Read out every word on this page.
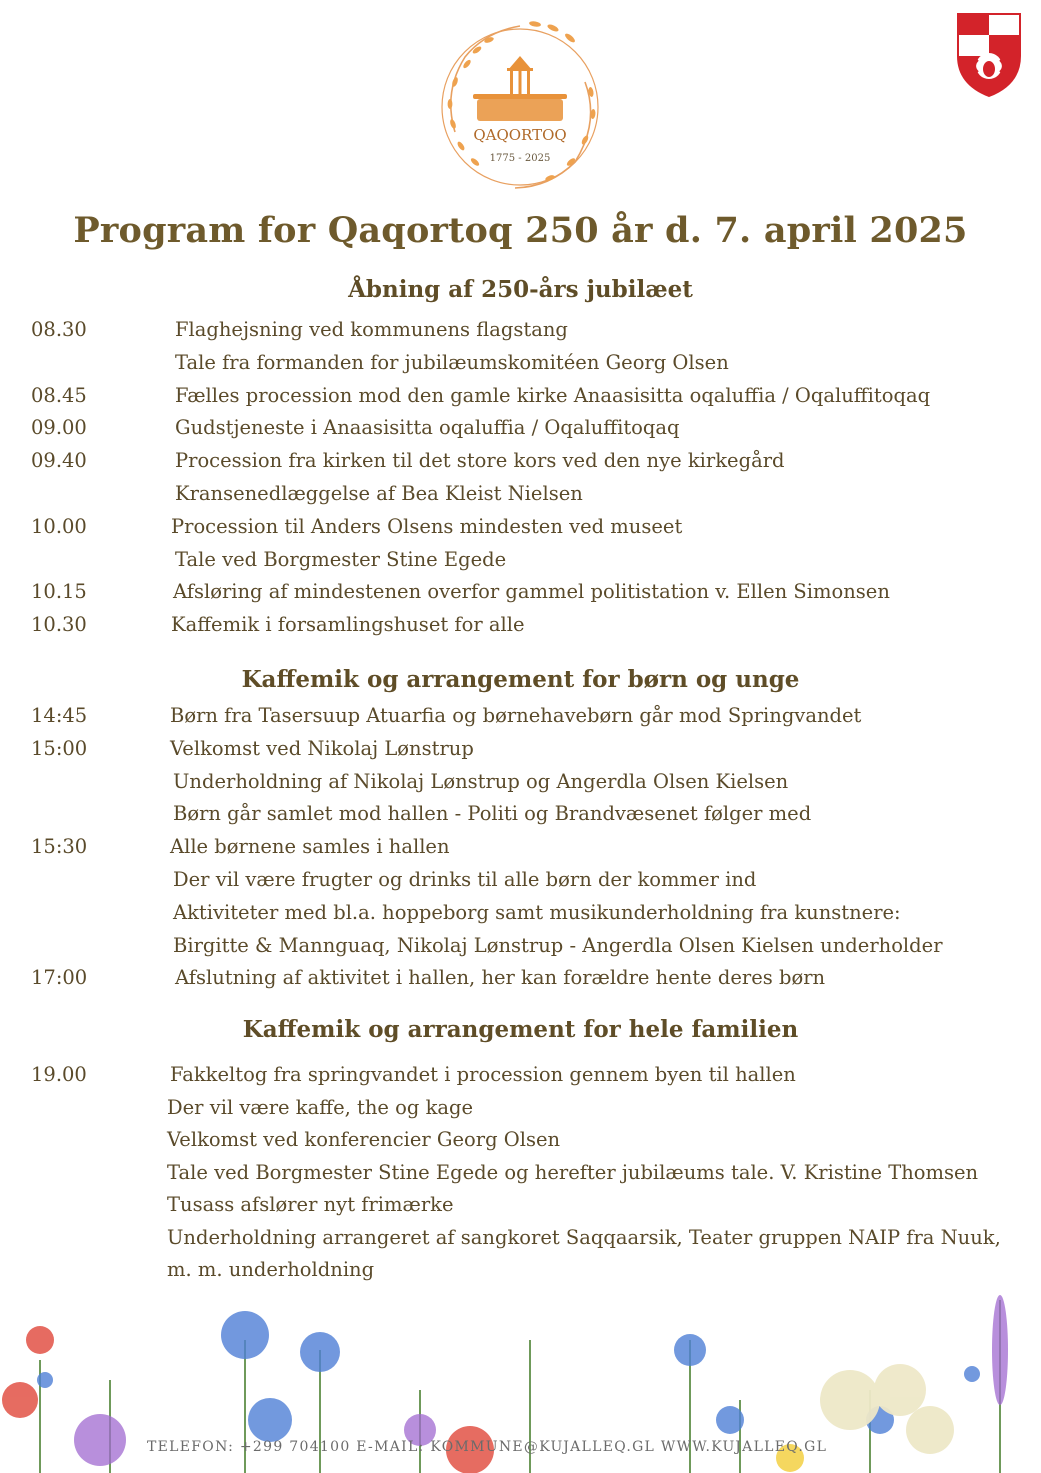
QAQORTOQ
1775 - 2025
Program for Qaqortoq 250 år d. 7. april 2025
Åbning af 250-års jubilæet
08.30	Flaghejsning ved kommunens flagstang
Tale fra formanden for jubilæumskomitéen Georg Olsen
08.45	Fælles procession mod den gamle kirke Anaasisitta oqaluffia / Oqaluffitoqaq
09.00	Gudstjeneste i Anaasisitta oqaluffia / Oqaluffitoqaq
09.40	Procession fra kirken til det store kors ved den nye kirkegård
Kransenedlæggelse af Bea Kleist Nielsen
10.00	Procession til Anders Olsens mindesten ved museet
Tale ved Borgmester Stine Egede
10.15	Afsløring af mindestenen overfor gammel politistation v. Ellen Simonsen
10.30	Kaffemik i forsamlingshuset for alle
Kaffemik og arrangement for børn og unge
14:45	Børn fra Tasersuup Atuarfia og børnehavebørn går mod Springvandet
15:00	Velkomst ved Nikolaj Lønstrup
Underholdning af Nikolaj Lønstrup og Angerdla Olsen Kielsen
Børn går samlet mod hallen - Politi og Brandvæsenet følger med
15:30	Alle børnene samles i hallen
Der vil være frugter og drinks til alle børn der kommer ind
Aktiviteter med bl.a. hoppeborg samt musikunderholdning fra kunstnere:
Birgitte & Mannguaq, Nikolaj Lønstrup - Angerdla Olsen Kielsen underholder
17:00	Afslutning af aktivitet i hallen, her kan forældre hente deres børn
Kaffemik og arrangement for hele familien
19.00	Fakkeltog fra springvandet i procession gennem byen til hallen
Der vil være kaffe, the og kage
Velkomst ved konferencier Georg Olsen
Tale ved Borgmester Stine Egede og herefter jubilæums tale. V. Kristine Thomsen
Tusass afslører nyt frimærke
Underholdning arrangeret af sangkoret Saqqaarsik, Teater gruppen NAIP fra Nuuk,
m. m. underholdning
TELEFON: +299 704100 E-MAIL: KOMMUNE@KUJALLEQ.GL WWW.KUJALLEQ.GL
